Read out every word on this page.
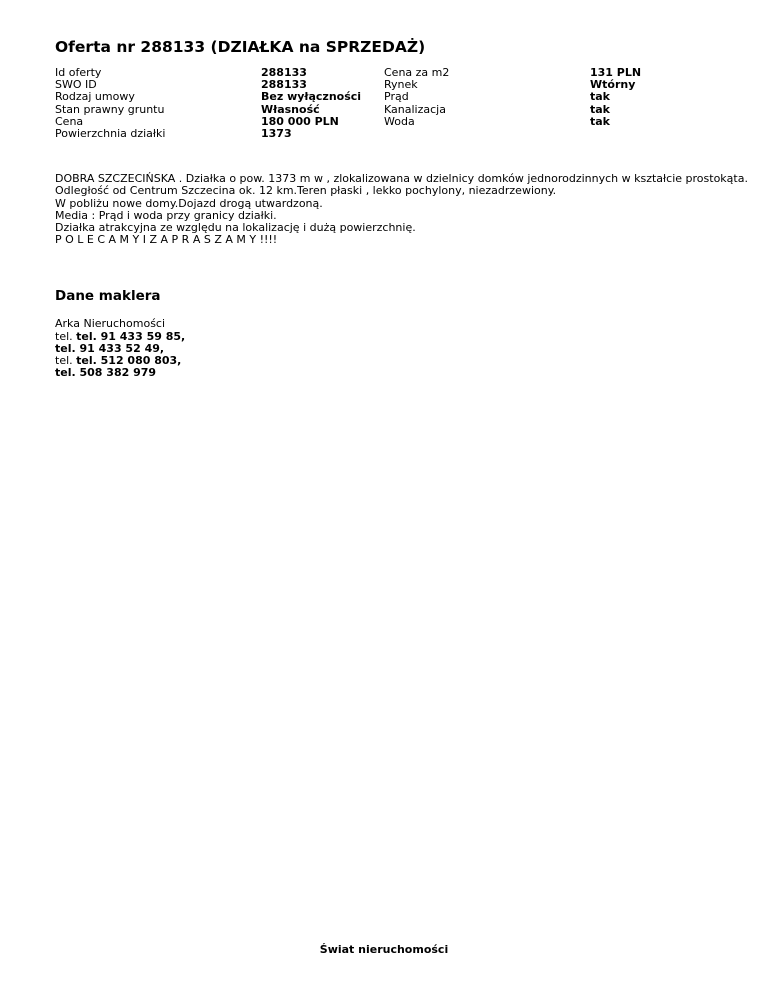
Oferta nr 288133 (DZIAŁKA na SPRZEDAŻ)
Id oferty
SWO ID
Rodzaj umowy
Stan prawny gruntu
Cena
Powierzchnia działki
288133
288133
Bez wyłączności
Własność
180 000 PLN
1373
Cena za m2
Rynek
Prąd
Kanalizacja
Woda
131 PLN
Wtórny
tak
tak
tak
DOBRA SZCZECIŃSKA . Działka o pow. 1373 m w , zlokalizowana w dzielnicy domków jednorodzinnych w kształcie prostokąta.
Odległość od Centrum Szczecina ok. 12 km.Teren płaski , lekko pochylony, niezadrzewiony.
W pobliżu nowe domy.Dojazd drogą utwardzoną.
Media : Prąd i woda przy granicy działki.
Działka atrakcyjna ze względu na lokalizację i dużą powierzchnię.
P O L E C A M Y I Z A P R A S Z A M Y !!!!
Dane maklera
Arka Nieruchomości
tel. tel. 91 433 59 85,
tel. 91 433 52 49,
tel. tel. 512 080 803,
tel. 508 382 979
Świat nieruchomości
